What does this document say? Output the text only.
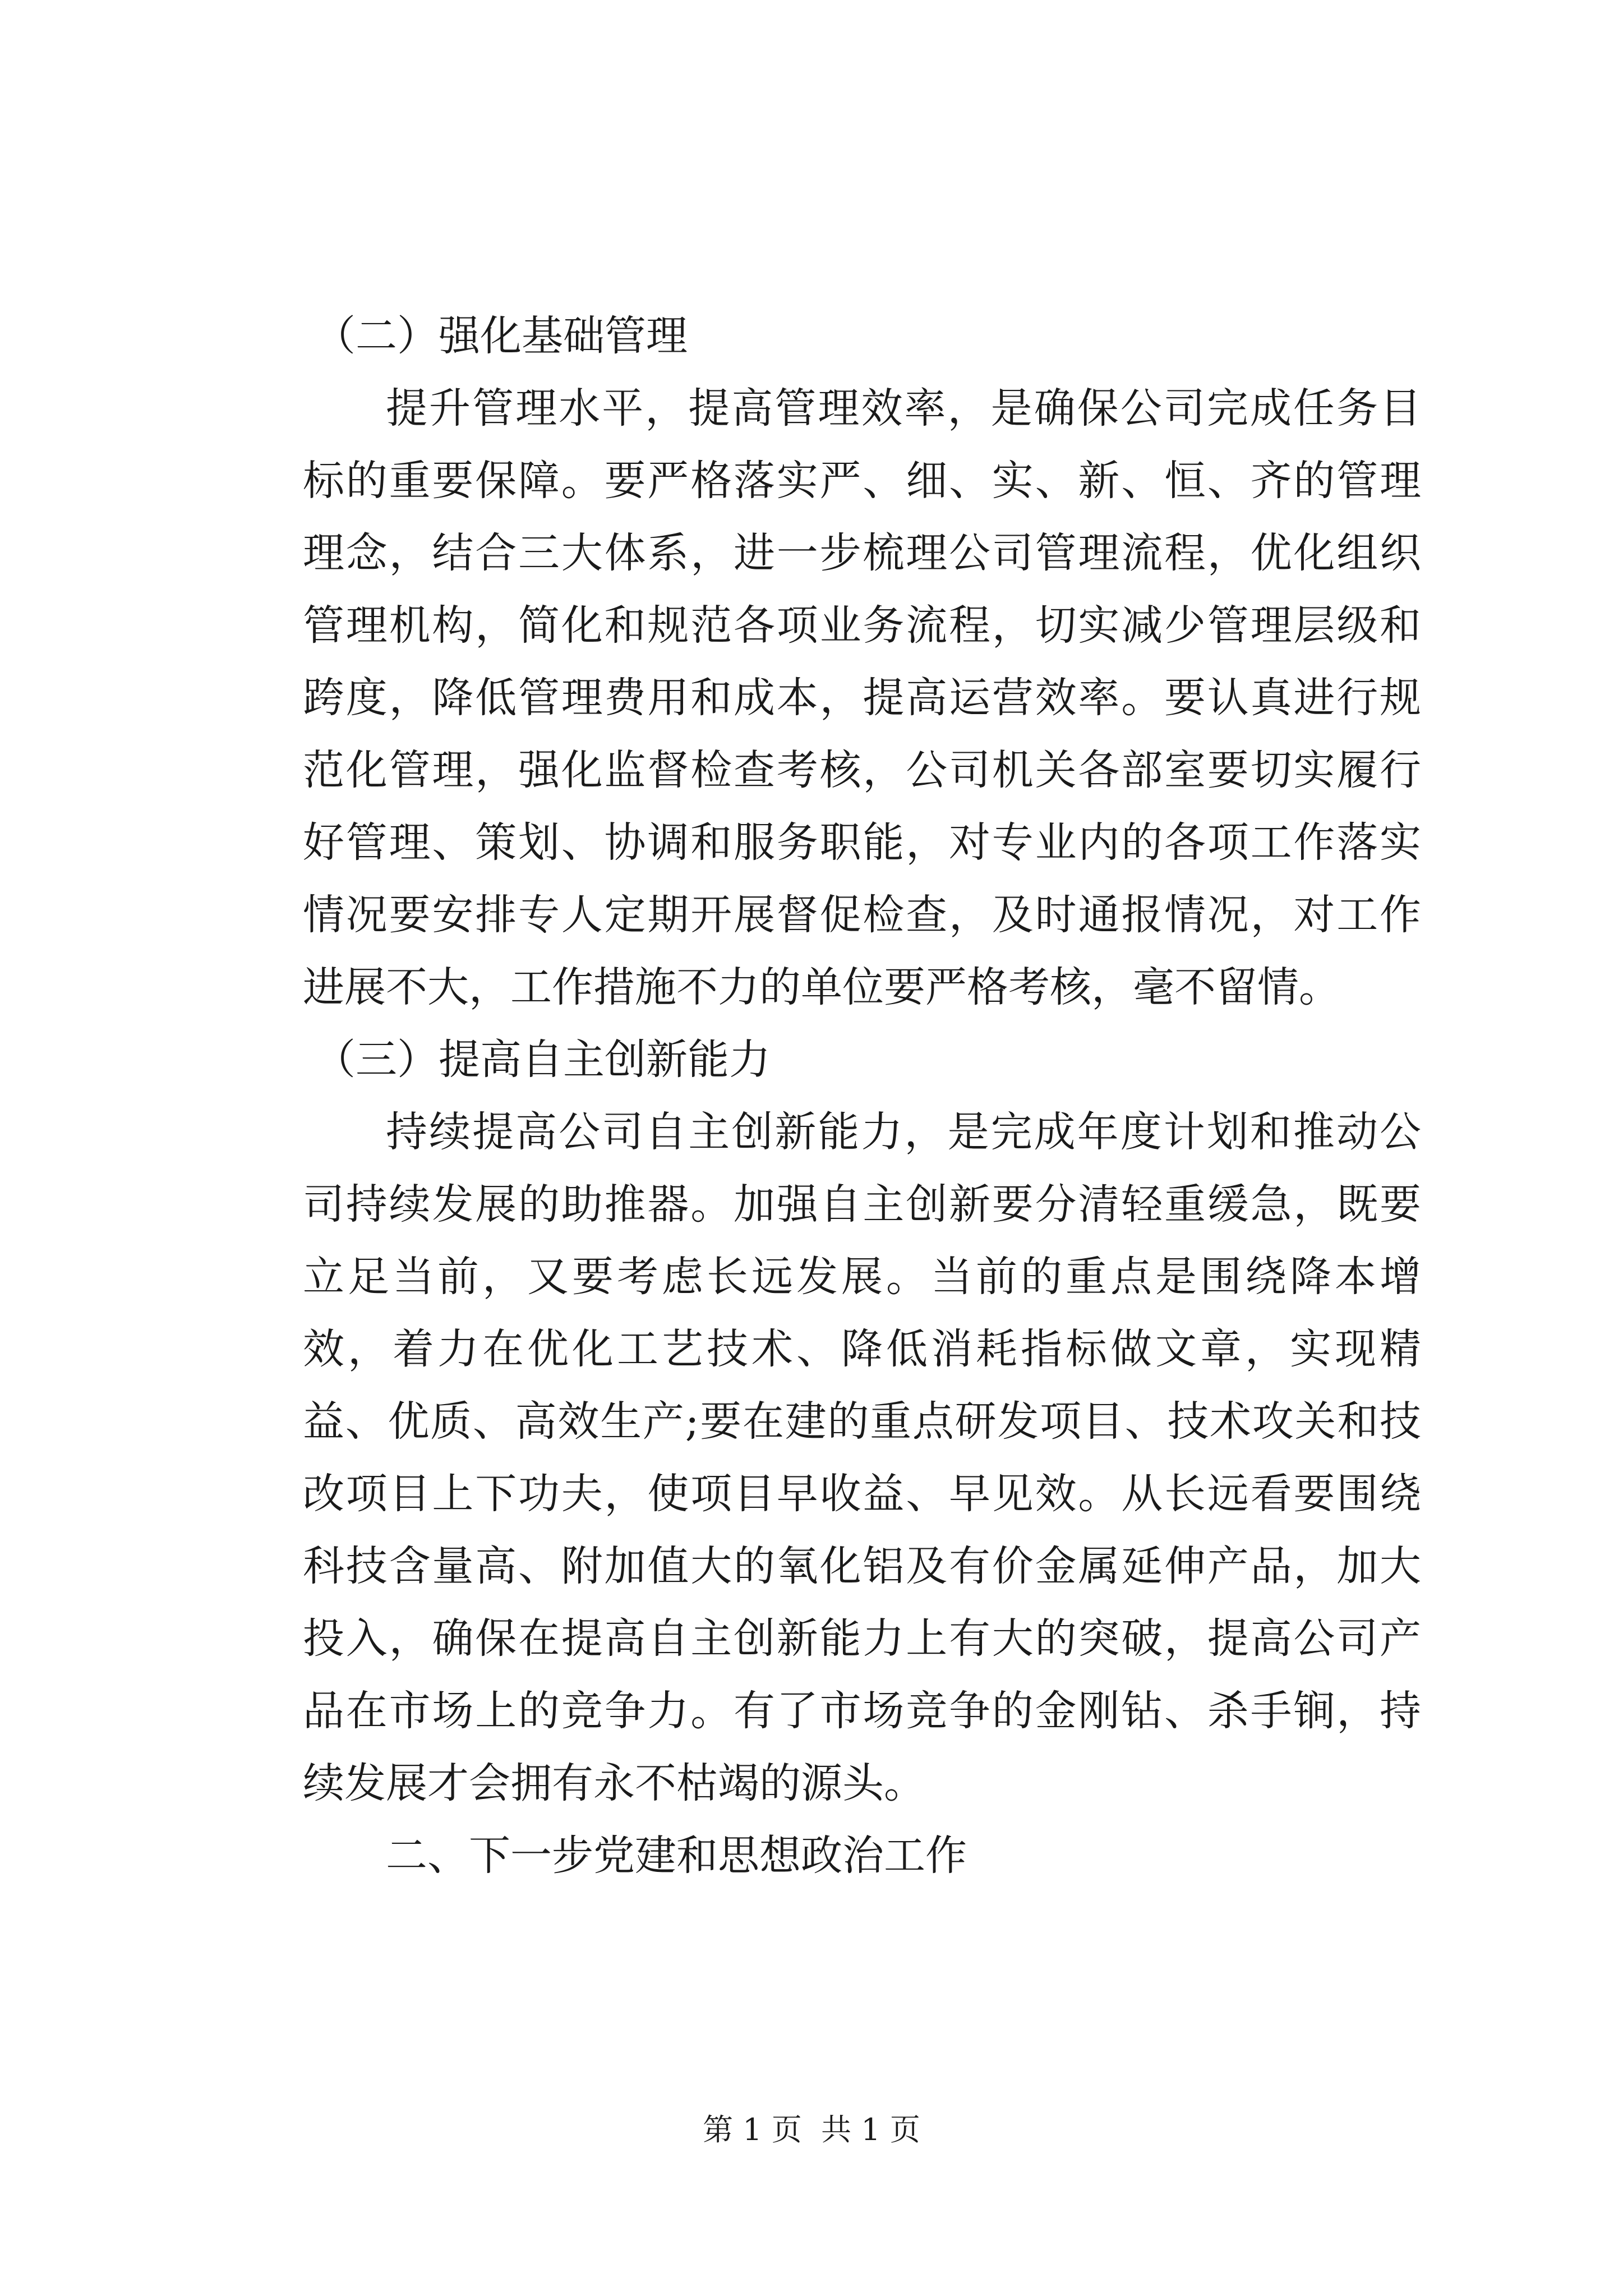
（二）强化基础管理

提升管理水平，提高管理效率，是确保公司完成任务目标的重要保障。要严格落实严、细、实、新、恒、齐的管理理念，结合三大体系，进一步梳理公司管理流程，优化组织管理机构，简化和规范各项业务流程，切实减少管理层级和跨度，降低管理费用和成本，提高运营效率。要认真进行规范化管理，强化监督检查考核，公司机关各部室要切实履行好管理、策划、协调和服务职能，对专业内的各项工作落实情况要安排专人定期开展督促检查，及时通报情况，对工作进展不大，工作措施不力的单位要严格考核，毫不留情。

（三）提高自主创新能力

持续提高公司自主创新能力，是完成年度计划和推动公司持续发展的助推器。加强自主创新要分清轻重缓急，既要立足当前，又要考虑长远发展。当前的重点是围绕降本增效，着力在优化工艺技术、降低消耗指标做文章，实现精益、优质、高效生产;要在建的重点研发项目、技术攻关和技改项目上下功夫，使项目早收益、早见效。从长远看要围绕科技含量高、附加值大的氧化铝及有价金属延伸产品，加大投入，确保在提高自主创新能力上有大的突破，提高公司产品在市场上的竞争力。有了市场竞争的金刚钻、杀手锏，持续发展才会拥有永不枯竭的源头。

二、下一步党建和思想政治工作

第 1 页  共 1 页
